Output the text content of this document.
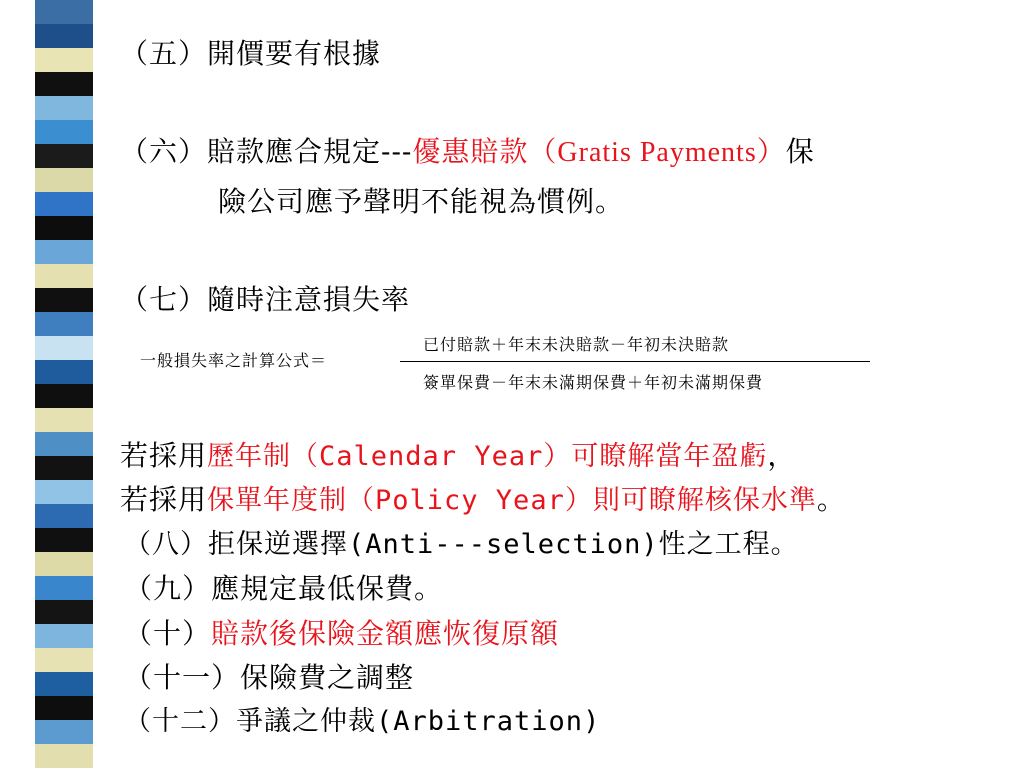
（五）開價要有根據
（六）賠款應合規定---優惠賠款（Gratis Payments）保
險公司應予聲明不能視為慣例。
（七）隨時注意損失率
一般損失率之計算公式＝
已付賠款＋年末未決賠款－年初未決賠款
簽單保費－年末未滿期保費＋年初未滿期保費
若採用歷年制（Calendar Year）可瞭解當年盈虧，
若採用保單年度制（Policy Year）則可瞭解核保水準。
（八）拒保逆選擇(Anti---selection)性之工程。
（九）應規定最低保費。
（十）賠款後保險金額應恢復原額
（十一）保險費之調整
（十二）爭議之仲裁(Arbitration)
